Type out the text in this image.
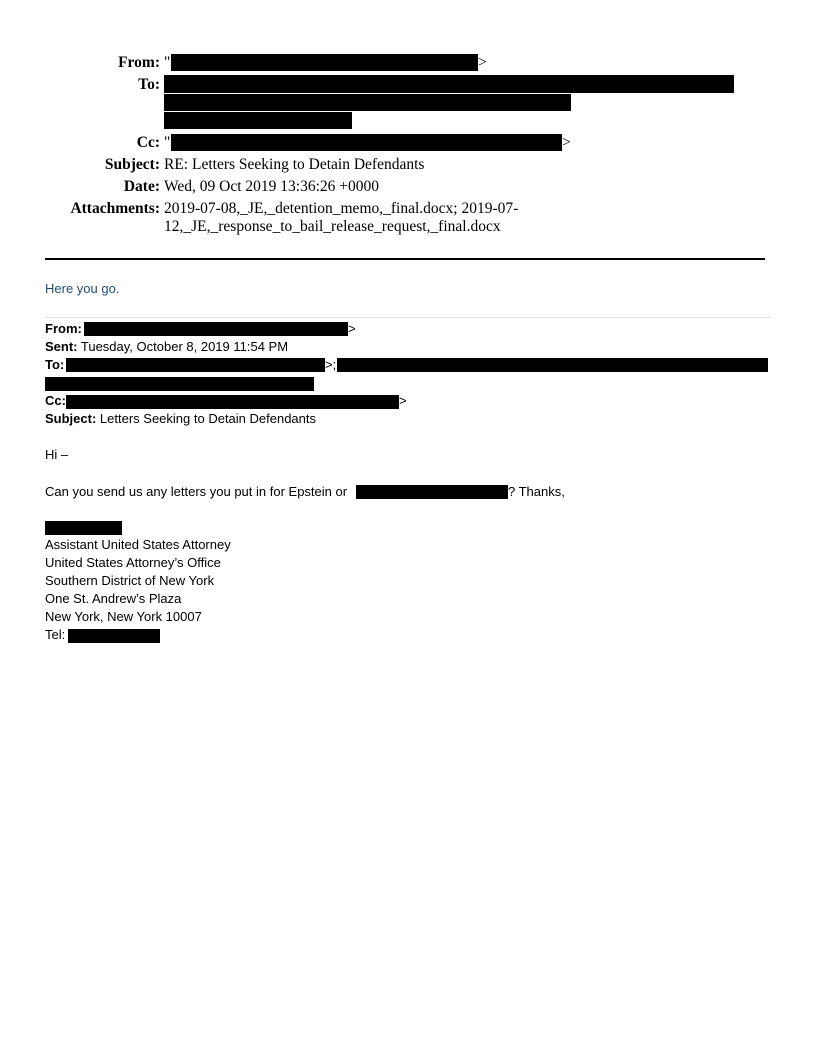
From: "	>
To:
Cc: "	>
Subject: RE: Letters Seeking to Detain Defendants
Date: Wed, 09 Oct 2019 13:36:26 +0000
Attachments: 2019-07-08,_JE,_detention_memo,_final.docx; 2019-07-
12,_JE,_response_to_bail_release_request,_final.docx
Here you go.
From:	>
Sent: Tuesday, October 8, 2019 11:54 PM
To:	>;
Cc:	>
Subject: Letters Seeking to Detain Defendants
Hi –
Can you send us any letters you put in for Epstein or	? Thanks,
Assistant United States Attorney
United States Attorney’s Office
Southern District of New York
One St. Andrew’s Plaza
New York, New York 10007
Tel:
